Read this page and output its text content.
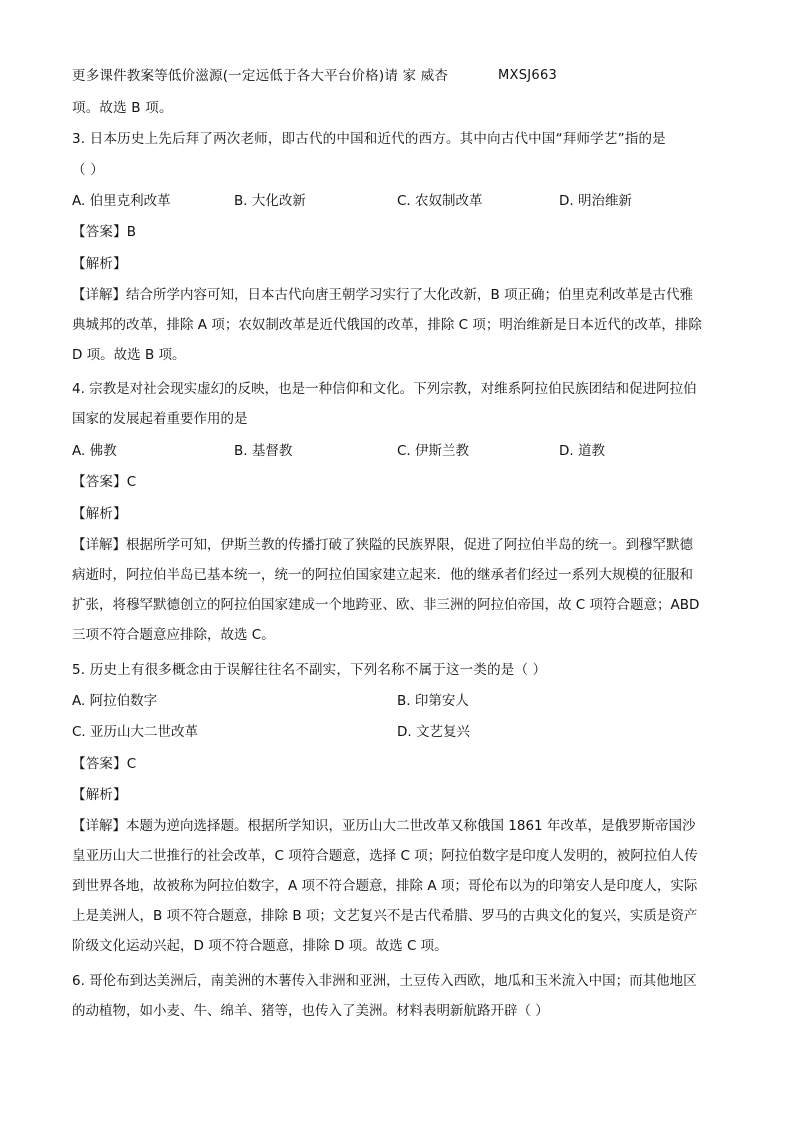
更多课件教案等低价滋源(一定远低于各大平台价格)请 家 威杏	MXSJ663
项。故选 B 项。
3. 日本历史上先后拜了两次老师，即古代的中国和近代的西方。其中向古代中国“拜师学艺”指的是
（ ）
A. 伯里克利改革	B. 大化改新	C. 农奴制改革	D. 明治维新
【答案】B
【解析】
【详解】结合所学内容可知，日本古代向唐王朝学习实行了大化改新，B 项正确；伯里克利改革是古代雅
典城邦的改革，排除 A 项；农奴制改革是近代俄国的改革，排除 C 项；明治维新是日本近代的改革，排除
D 项。故选 B 项。
4. 宗教是对社会现实虚幻的反映，也是一种信仰和文化。下列宗教，对维系阿拉伯民族团结和促进阿拉伯
国家的发展起着重要作用的是
A. 佛教	B. 基督教	C. 伊斯兰教	D. 道教
【答案】C
【解析】
【详解】根据所学可知，伊斯兰教的传播打破了狭隘的民族界限，促进了阿拉伯半岛的统一。到穆罕默德
病逝时，阿拉伯半岛已基本统一，统一的阿拉伯国家建立起来．他的继承者们经过一系列大规模的征服和
扩张，将穆罕默德创立的阿拉伯国家建成一个地跨亚、欧、非三洲的阿拉伯帝国，故 C 项符合题意；ABD
三项不符合题意应排除，故选 C。
5. 历史上有很多概念由于误解往往名不副实，下列名称不属于这一类的是（ ）
A. 阿拉伯数字	B. 印第安人
C. 亚历山大二世改革	D. 文艺复兴
【答案】C
【解析】
【详解】本题为逆向选择题。根据所学知识，亚历山大二世改革又称俄国 1861 年改革，是俄罗斯帝国沙
皇亚历山大二世推行的社会改革，C 项符合题意，选择 C 项；阿拉伯数字是印度人发明的，被阿拉伯人传
到世界各地，故被称为阿拉伯数字，A 项不符合题意，排除 A 项；哥伦布以为的印第安人是印度人，实际
上是美洲人，B 项不符合题意，排除 B 项；文艺复兴不是古代希腊、罗马的古典文化的复兴，实质是资产
阶级文化运动兴起，D 项不符合题意，排除 D 项。故选 C 项。
6. 哥伦布到达美洲后，南美洲的木薯传入非洲和亚洲，土豆传入西欧，地瓜和玉米流入中国；而其他地区
的动植物，如小麦、牛、绵羊、猪等，也传入了美洲。材料表明新航路开辟（ ）
